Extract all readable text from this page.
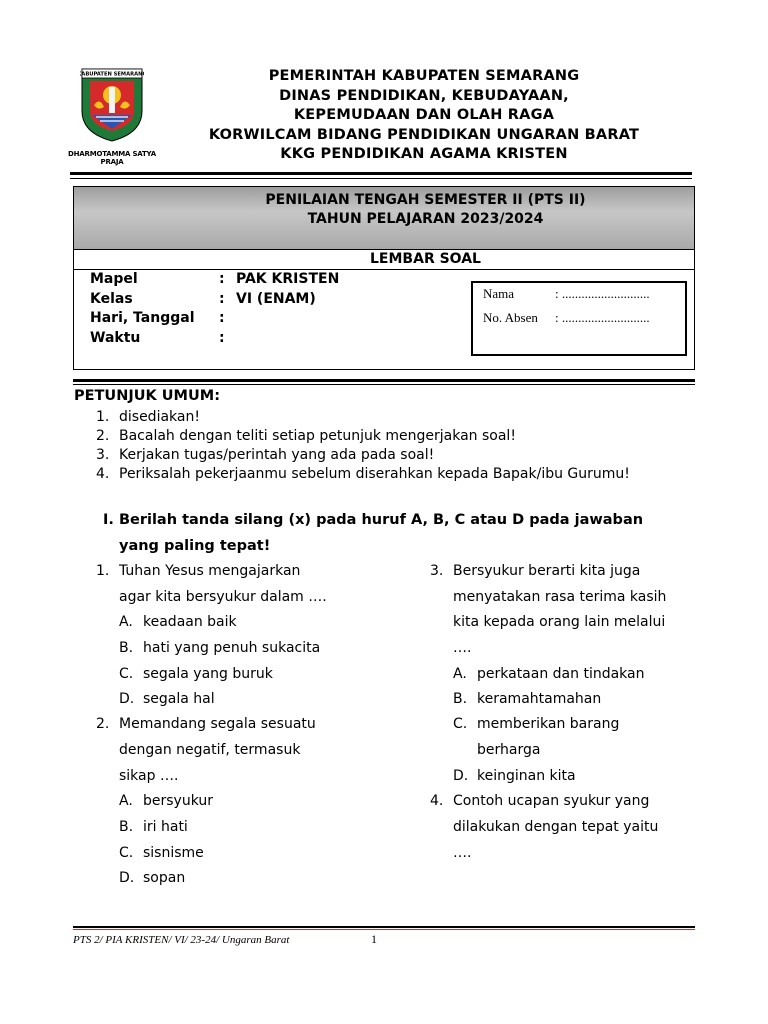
KABUPATEN SEMARANG
DHARMOTAMMA SATYA PRAJA
PEMERINTAH KABUPATEN SEMARANG
DINAS PENDIDIKAN, KEBUDAYAAN,
KEPEMUDAAN DAN OLAH RAGA
KORWILCAM BIDANG PENDIDIKAN UNGARAN BARAT
KKG PENDIDIKAN AGAMA KRISTEN
PENILAIAN TENGAH SEMESTER II (PTS II)
TAHUN PELAJARAN 2023/2024
LEMBAR SOAL
Mapel	: PAK KRISTEN
Kelas	: VI (ENAM)
Hari, Tanggal :
Waktu	:
Nama	: ...........................
No. Absen : ...........................
PETUNJUK UMUM:
1. disediakan!
2. Bacalah dengan teliti setiap petunjuk mengerjakan soal!
3. Kerjakan tugas/perintah yang ada pada soal!
4. Periksalah pekerjaanmu sebelum diserahkan kepada Bapak/ibu Gurumu!
I. Berilah tanda silang (x) pada huruf A, B, C atau D pada jawaban
yang paling tepat!
1. Tuhan Yesus mengajarkan
agar kita bersyukur dalam ….
A. keadaan baik
B. hati yang penuh sukacita
C. segala yang buruk
D. segala hal
2. Memandang segala sesuatu
dengan negatif, termasuk
sikap ….
A. bersyukur
B. iri hati
C. sisnisme
D. sopan
3. Bersyukur berarti kita juga
menyatakan rasa terima kasih
kita kepada orang lain melalui
….
A. perkataan dan tindakan
B. keramahtamahan
C. memberikan barang
berharga
D. keinginan kita
4. Contoh ucapan syukur yang
dilakukan dengan tepat yaitu
….
PTS 2/ PIA KRISTEN/ VI/ 23-24/ Ungaran Barat	1
